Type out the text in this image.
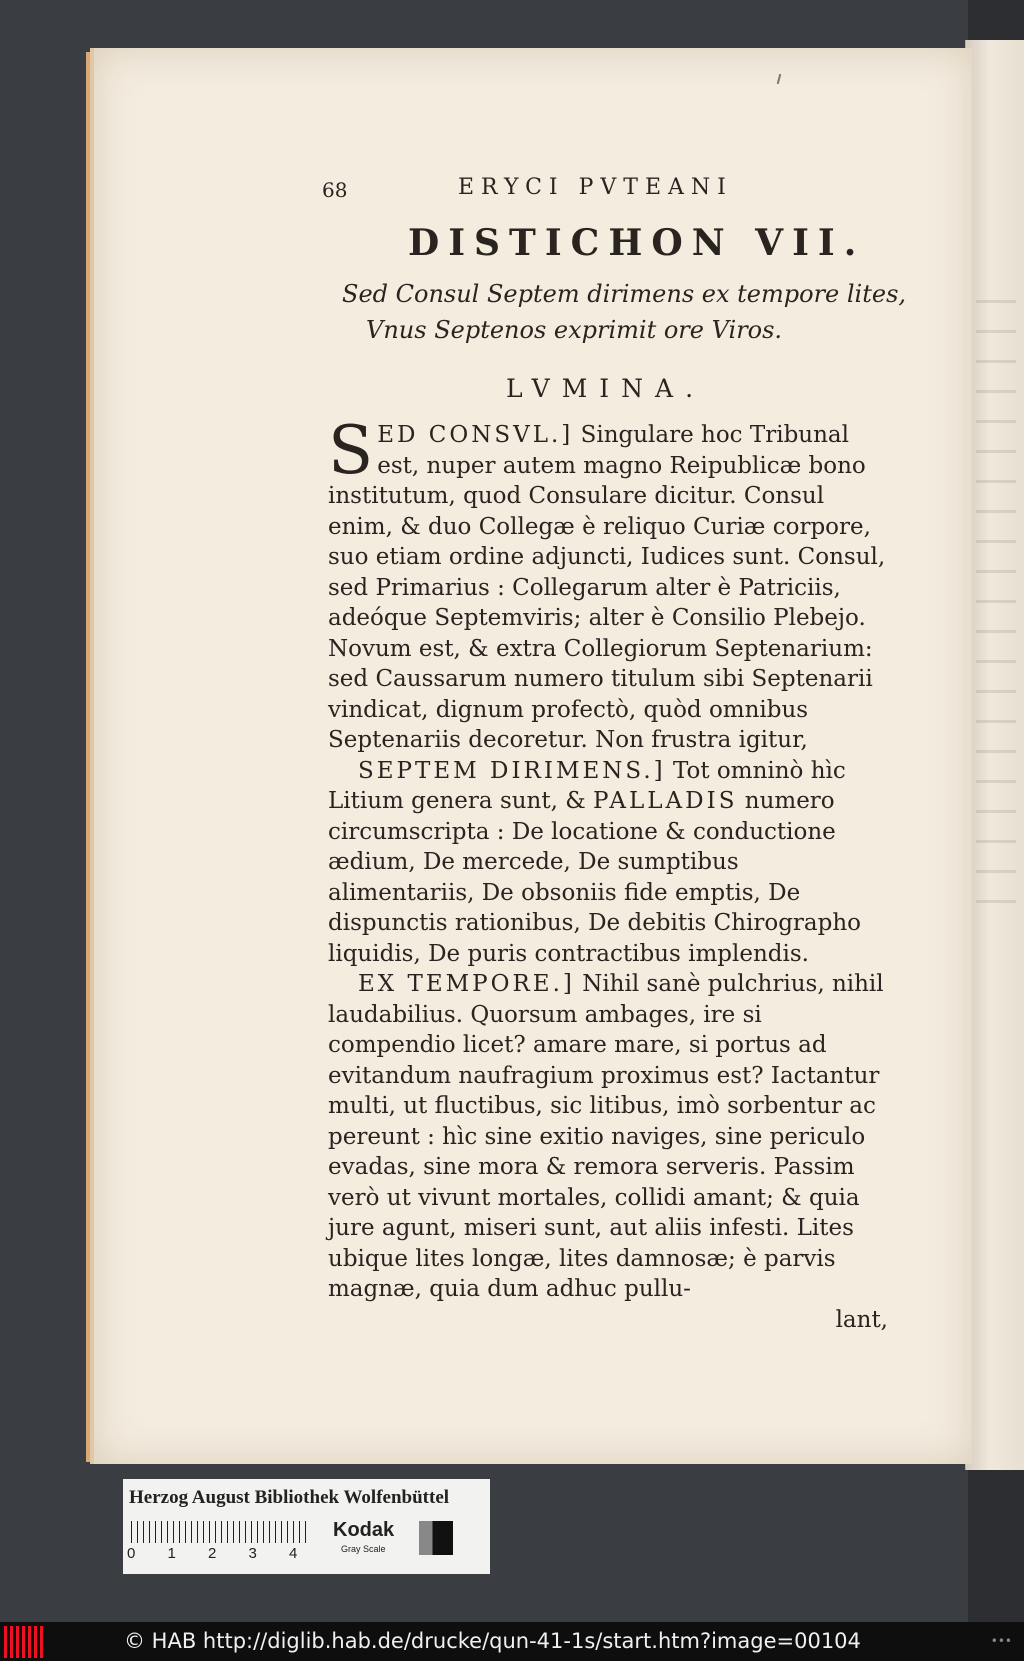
68	ERYCI PVTEANI
DISTICHON VII.
Sed Consul Septem dirimens ex tempore lites,
Vnus Septenos exprimit ore Viros.
LVMINA.

SED CONSVL.] Singulare hoc Tribunal est, nuper autem magno Reipublicæ bono institutum, quod Consulare dicitur. Consul enim, & duo Collegæ è reliquo Curiæ corpore, suo etiam ordine adjuncti, Iudices sunt. Consul, sed Primarius : Collegarum alter è Patriciis, adeóque Septemviris; alter è Consilio Plebejo. Novum est, & extra Collegiorum Septenarium: sed Caussarum numero titulum sibi Septenarii vindicat, dignum profectò, quòd omnibus Septenariis decoretur. Non frustra igitur,

SEPTEM DIRIMENS.] Tot omninò hìc Litium genera sunt, & PALLADIS numero circumscripta : De locatione & conductione ædium, De mercede, De sumptibus alimentariis, De obsoniis fide emptis, De dispunctis rationibus, De debitis Chirographo liquidis, De puris contractibus implendis.

EX TEMPORE.] Nihil sanè pulchrius, nihil laudabilius. Quorsum ambages, ire si compendio licet? amare mare, si portus ad evitandum naufragium proximus est? Iactantur multi, ut fluctibus, sic litibus, imò sorbentur ac pereunt : hìc sine exitio naviges, sine periculo evadas, sine mora & remora serveris. Passim verò ut vivunt mortales, collidi amant; & quia jure agunt, miseri sunt, aut aliis infesti. Lites ubique lites longæ, lites damnosæ; è parvis magnæ, quia dum adhuc pullu-

lant,

Herzog August Bibliothek Wolfenbüttel
0 1 2 3 4
Kodak
Gray Scale
© HAB http://diglib.hab.de/drucke/qun-41-1s/start.htm?image=00104	•••
